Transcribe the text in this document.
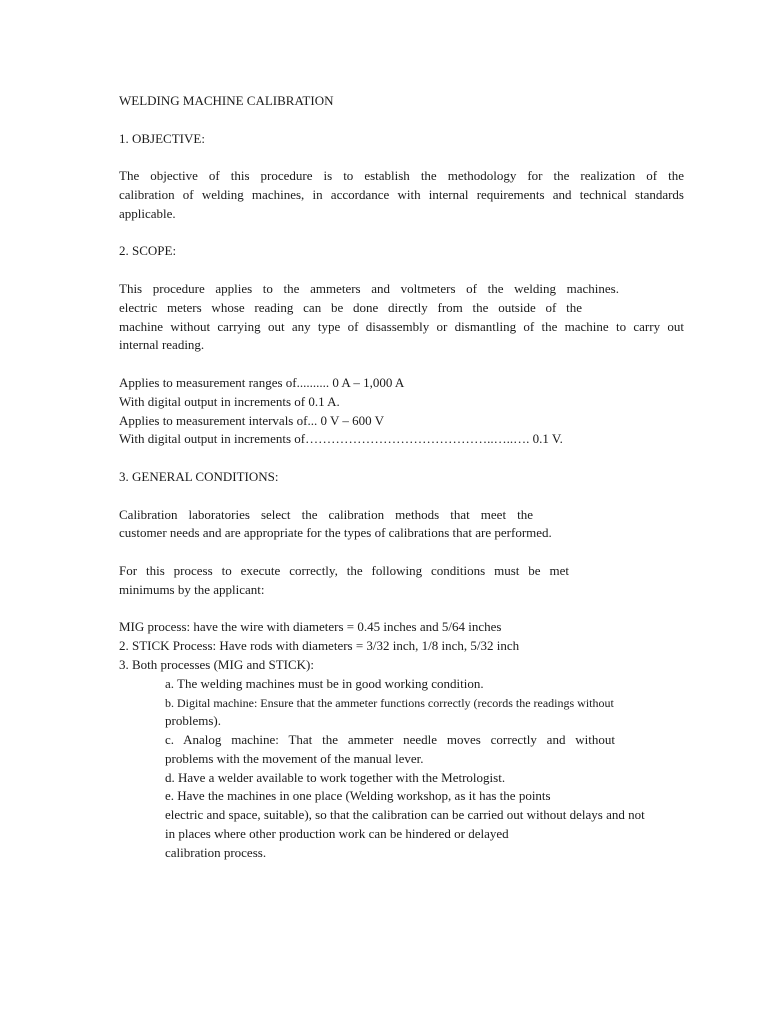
WELDING MACHINE CALIBRATION
1. OBJECTIVE:
The objective of this procedure is to establish the methodology for the realization of the
calibration of welding machines, in accordance with internal requirements and technical standards
applicable.
2. SCOPE:
This procedure applies to the ammeters and voltmeters of the welding machines.
electric meters whose reading can be done directly from the outside of the
machine without carrying out any type of disassembly or dismantling of the machine to carry out
internal reading.
Applies to measurement ranges of.......... 0 A – 1,000 A
With digital output in increments of 0.1 A.
Applies to measurement intervals of... 0 V – 600 V
With digital output in increments of……………………………………..…..…. 0.1 V.
3. GENERAL CONDITIONS:
Calibration laboratories select the calibration methods that meet the
customer needs and are appropriate for the types of calibrations that are performed.
For this process to execute correctly, the following conditions must be met
minimums by the applicant:
MIG process: have the wire with diameters = 0.45 inches and 5/64 inches
2. STICK Process: Have rods with diameters = 3/32 inch, 1/8 inch, 5/32 inch
3. Both processes (MIG and STICK):
a. The welding machines must be in good working condition.
b. Digital machine: Ensure that the ammeter functions correctly (records the readings without
problems).
c. Analog machine: That the ammeter needle moves correctly and without
problems with the movement of the manual lever.
d. Have a welder available to work together with the Metrologist.
e. Have the machines in one place (Welding workshop, as it has the points
electric and space, suitable), so that the calibration can be carried out without delays and not
in places where other production work can be hindered or delayed
calibration process.
